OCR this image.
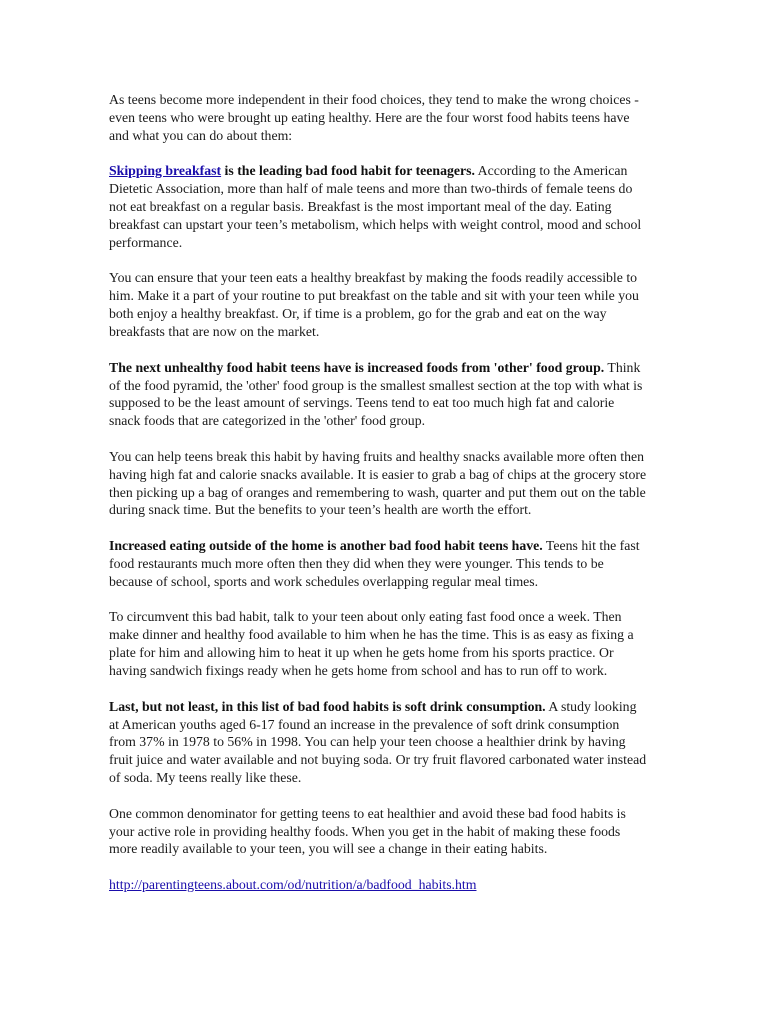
As teens become more independent in their food choices, they tend to make the wrong choices - even teens who were brought up eating healthy. Here are the four worst food habits teens have and what you can do about them:

Skipping breakfast is the leading bad food habit for teenagers. According to the American Dietetic Association, more than half of male teens and more than two-thirds of female teens do not eat breakfast on a regular basis. Breakfast is the most important meal of the day. Eating breakfast can upstart your teen’s metabolism, which helps with weight control, mood and school performance.

You can ensure that your teen eats a healthy breakfast by making the foods readily accessible to him. Make it a part of your routine to put breakfast on the table and sit with your teen while you both enjoy a healthy breakfast. Or, if time is a problem, go for the grab and eat on the way breakfasts that are now on the market.

The next unhealthy food habit teens have is increased foods from 'other' food group. Think of the food pyramid, the 'other' food group is the smallest smallest section at the top with what is supposed to be the least amount of servings. Teens tend to eat too much high fat and calorie snack foods that are categorized in the 'other' food group.

You can help teens break this habit by having fruits and healthy snacks available more often then having high fat and calorie snacks available. It is easier to grab a bag of chips at the grocery store then picking up a bag of oranges and remembering to wash, quarter and put them out on the table during snack time. But the benefits to your teen’s health are worth the effort.

Increased eating outside of the home is another bad food habit teens have. Teens hit the fast food restaurants much more often then they did when they were younger. This tends to be because of school, sports and work schedules overlapping regular meal times.

To circumvent this bad habit, talk to your teen about only eating fast food once a week. Then make dinner and healthy food available to him when he has the time. This is as easy as fixing a plate for him and allowing him to heat it up when he gets home from his sports practice. Or having sandwich fixings ready when he gets home from school and has to run off to work.

Last, but not least, in this list of bad food habits is soft drink consumption. A study looking at American youths aged 6-17 found an increase in the prevalence of soft drink consumption from 37% in 1978 to 56% in 1998. You can help your teen choose a healthier drink by having fruit juice and water available and not buying soda. Or try fruit flavored carbonated water instead of soda. My teens really like these.

One common denominator for getting teens to eat healthier and avoid these bad food habits is your active role in providing healthy foods. When you get in the habit of making these foods more readily available to your teen, you will see a change in their eating habits.

http://parentingteens.about.com/od/nutrition/a/badfood_habits.htm
